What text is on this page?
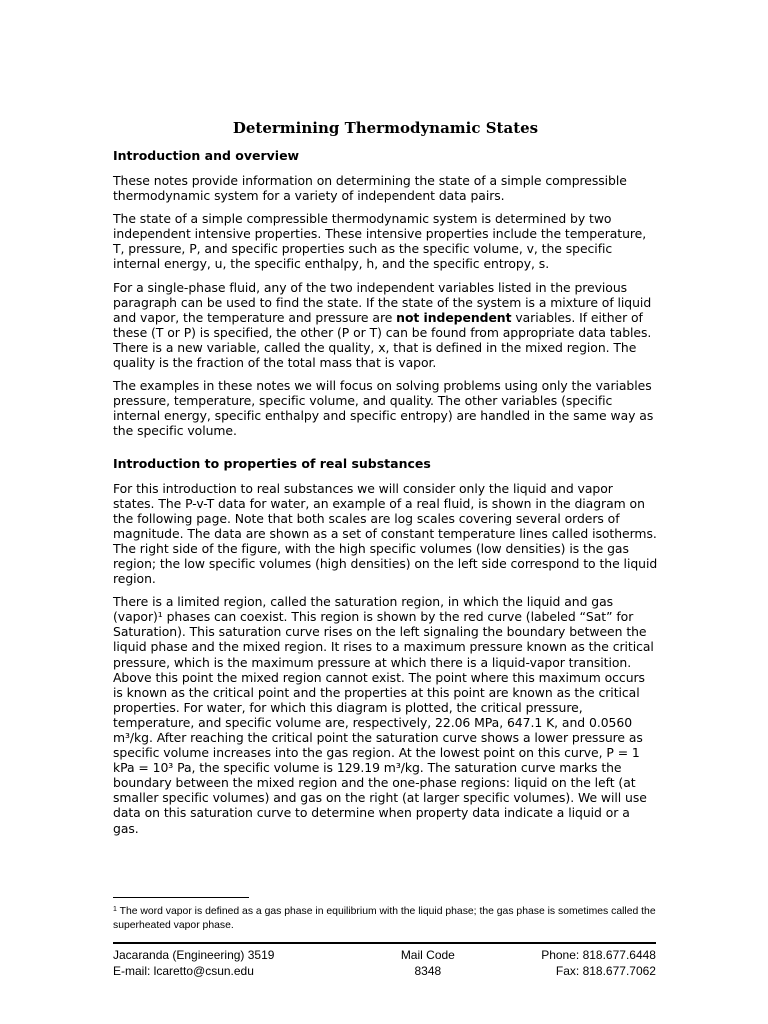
Determining Thermodynamic States
Introduction and overview

These notes provide information on determining the state of a simple compressible thermodynamic system for a variety of independent data pairs.

The state of a simple compressible thermodynamic system is determined by two independent intensive properties. These intensive properties include the temperature, T, pressure, P, and specific properties such as the specific volume, v, the specific internal energy, u, the specific enthalpy, h, and the specific entropy, s.

For a single-phase fluid, any of the two independent variables listed in the previous paragraph can be used to find the state. If the state of the system is a mixture of liquid and vapor, the temperature and pressure are not independent variables. If either of these (T or P) is specified, the other (P or T) can be found from appropriate data tables. There is a new variable, called the quality, x, that is defined in the mixed region. The quality is the fraction of the total mass that is vapor.

The examples in these notes we will focus on solving problems using only the variables pressure, temperature, specific volume, and quality. The other variables (specific internal energy, specific enthalpy and specific entropy) are handled in the same way as the specific volume.

Introduction to properties of real substances

For this introduction to real substances we will consider only the liquid and vapor states. The P-v-T data for water, an example of a real fluid, is shown in the diagram on the following page. Note that both scales are log scales covering several orders of magnitude. The data are shown as a set of constant temperature lines called isotherms. The right side of the figure, with the high specific volumes (low densities) is the gas region; the low specific volumes (high densities) on the left side correspond to the liquid region.

There is a limited region, called the saturation region, in which the liquid and gas (vapor)¹ phases can coexist. This region is shown by the red curve (labeled “Sat” for Saturation). This saturation curve rises on the left signaling the boundary between the liquid phase and the mixed region. It rises to a maximum pressure known as the critical pressure, which is the maximum pressure at which there is a liquid-vapor transition. Above this point the mixed region cannot exist. The point where this maximum occurs is known as the critical point and the properties at this point are known as the critical properties. For water, for which this diagram is plotted, the critical pressure, temperature, and specific volume are, respectively, 22.06 MPa, 647.1 K, and 0.0560 m³/kg. After reaching the critical point the saturation curve shows a lower pressure as specific volume increases into the gas region. At the lowest point on this curve, P = 1 kPa = 10³ Pa, the specific volume is 129.19 m³/kg. The saturation curve marks the boundary between the mixed region and the one-phase regions: liquid on the left (at smaller specific volumes) and gas on the right (at larger specific volumes). We will use data on this saturation curve to determine when property data indicate a liquid or a gas.

$^1$ The word vapor is defined as a gas phase in equilibrium with the liquid phase; the gas phase is sometimes called the superheated vapor phase.
Jacaranda (Engineering) 3519
E-mail: lcaretto@csun.edu
Mail Code
8348
Phone: 818.677.6448
Fax: 818.677.7062
